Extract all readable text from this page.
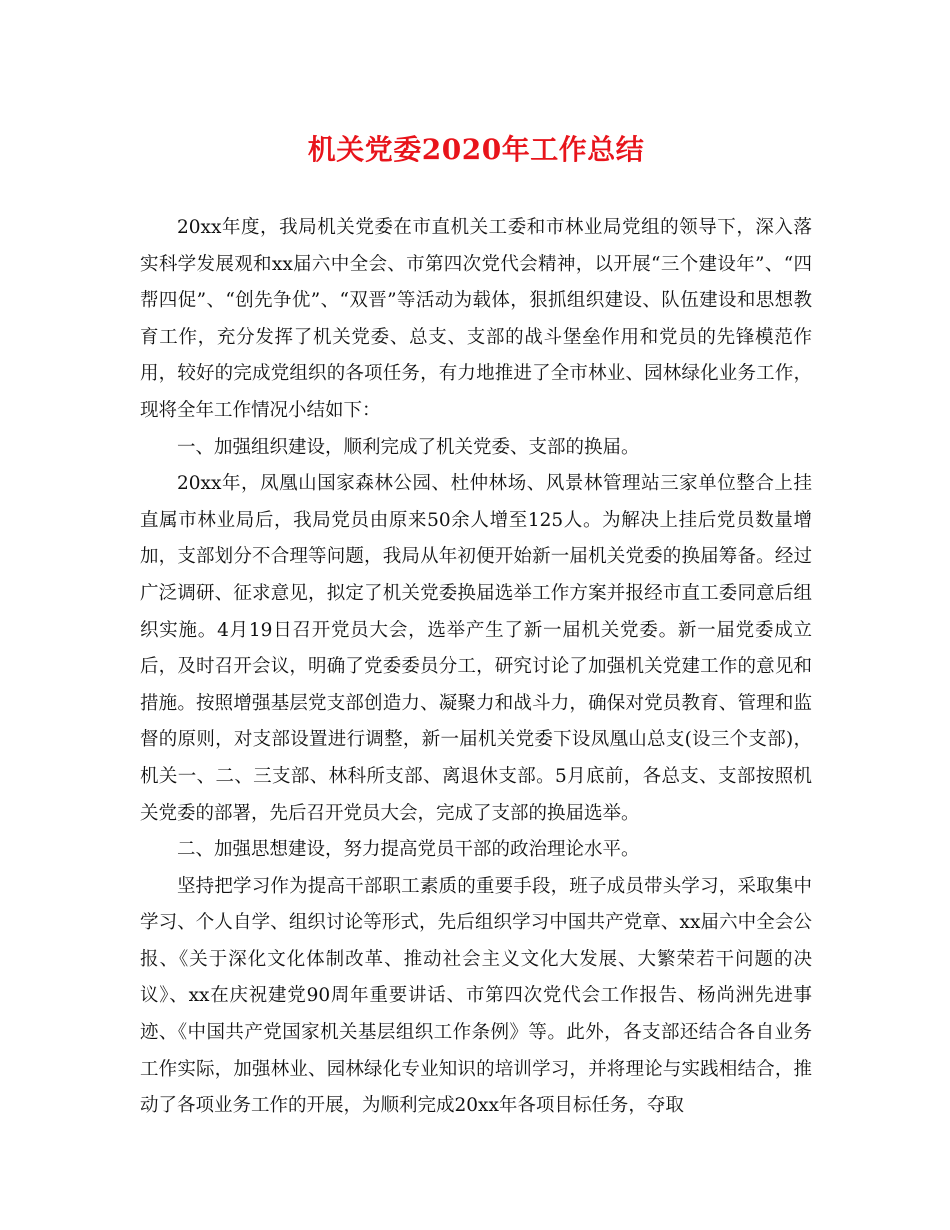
机关党委2020年工作总结

20xx年度，我局机关党委在市直机关工委和市林业局党组的领导下，深入落实科学发展观和xx届六中全会、市第四次党代会精神，以开展“三个建设年”、“四帮四促”、“创先争优”、“双晋”等活动为载体，狠抓组织建设、队伍建设和思想教育工作，充分发挥了机关党委、总支、支部的战斗堡垒作用和党员的先锋模范作用，较好的完成党组织的各项任务，有力地推进了全市林业、园林绿化业务工作，现将全年工作情况小结如下：

一、加强组织建设，顺利完成了机关党委、支部的换届。

20xx年，凤凰山国家森林公园、杜仲林场、风景林管理站三家单位整合上挂直属市林业局后，我局党员由原来50余人增至125人。为解决上挂后党员数量增加，支部划分不合理等问题，我局从年初便开始新一届机关党委的换届筹备。经过广泛调研、征求意见，拟定了机关党委换届选举工作方案并报经市直工委同意后组织实施。4月19日召开党员大会，选举产生了新一届机关党委。新一届党委成立后，及时召开会议，明确了党委委员分工，研究讨论了加强机关党建工作的意见和措施。按照增强基层党支部创造力、凝聚力和战斗力，确保对党员教育、管理和监督的原则，对支部设置进行调整，新一届机关党委下设凤凰山总支(设三个支部)，机关一、二、三支部、林科所支部、离退休支部。5月底前，各总支、支部按照机关党委的部署，先后召开党员大会，完成了支部的换届选举。

二、加强思想建设，努力提高党员干部的政治理论水平。

坚持把学习作为提高干部职工素质的重要手段，班子成员带头学习，采取集中学习、个人自学、组织讨论等形式，先后组织学习中国共产党章、xx届六中全会公报、《关于深化文化体制改革、推动社会主义文化大发展、大繁荣若干问题的决议》、xx在庆祝建党90周年重要讲话、市第四次党代会工作报告、杨尚洲先进事迹、《中国共产党国家机关基层组织工作条例》等。此外，各支部还结合各自业务工作实际，加强林业、园林绿化专业知识的培训学习，并将理论与实践相结合，推动了各项业务工作的开展，为顺利完成20xx年各项目标任务，夺取
